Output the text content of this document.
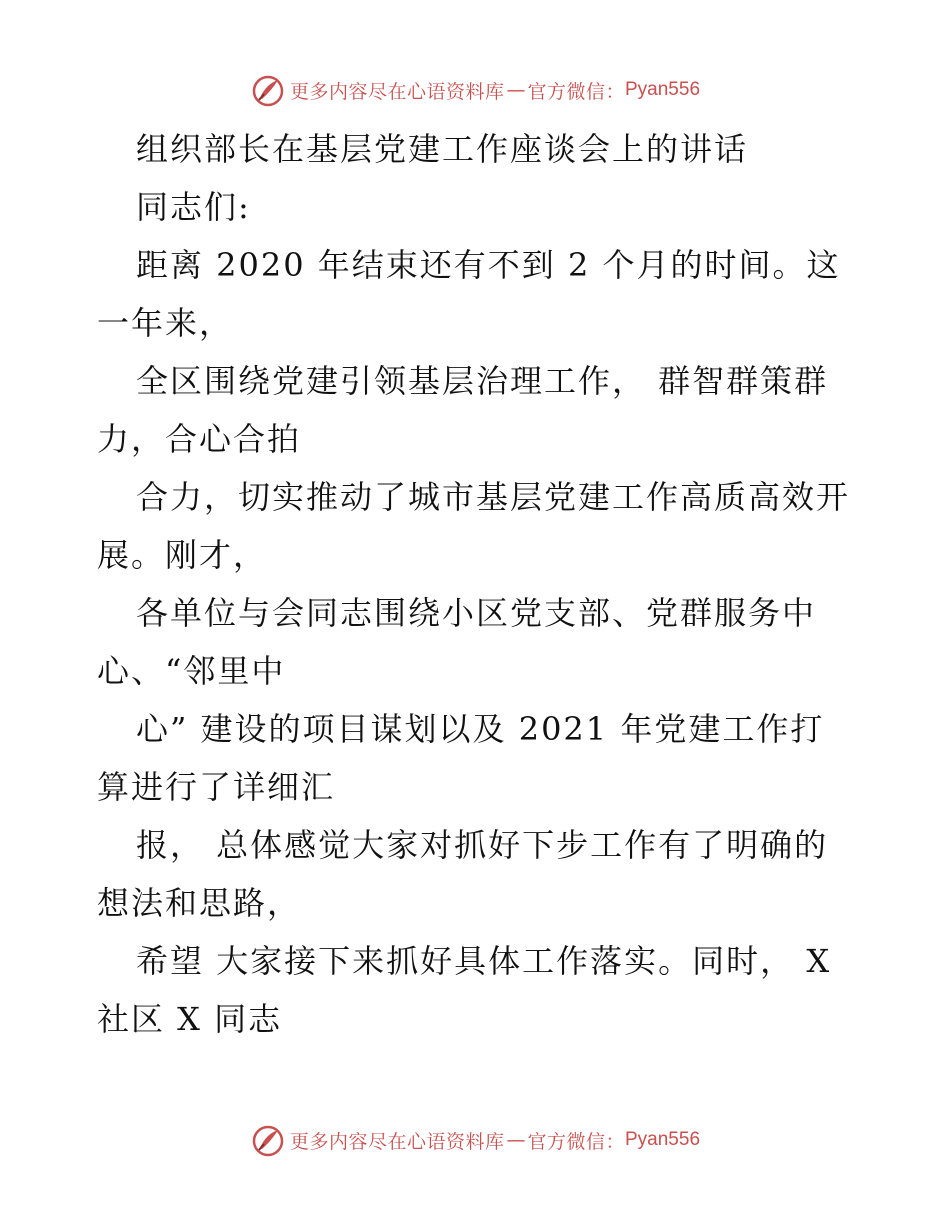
更多内容尽在心语资料库 — 官方微信： Pyan556
组织部长在基层党建工作座谈会上的讲话
同志们:
距离 2020 年结束还有不到 2 个月的时间。这
一年来，
全区围绕党建引领基层治理工作， 群智群策群
力，合心合拍
合力，切实推动了城市基层党建工作高质高效开
展。刚才，
各单位与会同志围绕小区党支部、党群服务中
心、“邻里中
心” 建设的项目谋划以及 2021 年党建工作打
算进行了详细汇
报， 总体感觉大家对抓好下步工作有了明确的
想法和思路，
希望 大家接下来抓好具体工作落实。同时， X
社区 X 同志
更多内容尽在心语资料库 — 官方微信： Pyan556
